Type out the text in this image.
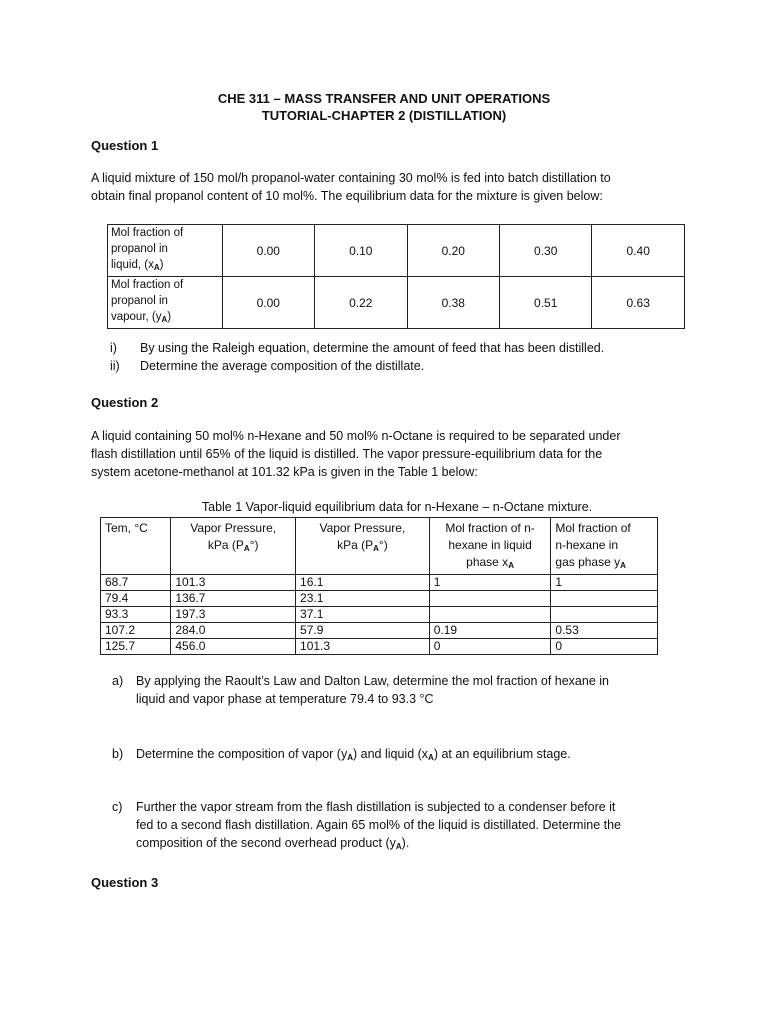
CHE 311 – MASS TRANSFER AND UNIT OPERATIONS
TUTORIAL-CHAPTER 2 (DISTILLATION)
Question 1
A liquid mixture of 150 mol/h propanol-water containing 30 mol% is fed into batch distillation to
obtain final propanol content of 10 mol%. The equilibrium data for the mixture is given below:
Mol fraction of
propanol in
liquid, $(x_A)$	0.00	0.10	0.20	0.30	0.40
Mol fraction of
propanol in
vapour, $(y_A)$	0.00	0.22	0.38	0.51	0.63
i) By using the Raleigh equation, determine the amount of feed that has been distilled.
ii) Determine the average composition of the distillate.
Question 2
A liquid containing 50 mol% n-Hexane and 50 mol% n-Octane is required to be separated under
flash distillation until 65% of the liquid is distilled. The vapor pressure-equilibrium data for the
system acetone-methanol at 101.32 kPa is given in the Table 1 below:
Table 1 Vapor-liquid equilibrium data for n-Hexane – n-Octane mixture.
Tem, °C	Vapor Pressure,
kPa $(P_A^\circ)$	Vapor Pressure,
kPa $(P_A^\circ)$	Mol fraction of n-
hexane in liquid
phase $x_A$	Mol fraction of
n-hexane in
gas phase $y_A$
68.7	101.3	16.1	1	1
79.4	136.7	23.1		
93.3	197.3	37.1		
107.2	284.0	57.9	0.19	0.53
125.7	456.0	101.3	0	0
a) By applying the Raoult’s Law and Dalton Law, determine the mol fraction of hexane in
liquid and vapor phase at temperature 79.4 to 93.3 °C
b) Determine the composition of vapor $(y_A)$ and liquid $(x_A)$ at an equilibrium stage.
c) Further the vapor stream from the flash distillation is subjected to a condenser before it
fed to a second flash distillation. Again 65 mol% of the liquid is distillated. Determine the
composition of the second overhead product $(y_A)$.
Question 3
